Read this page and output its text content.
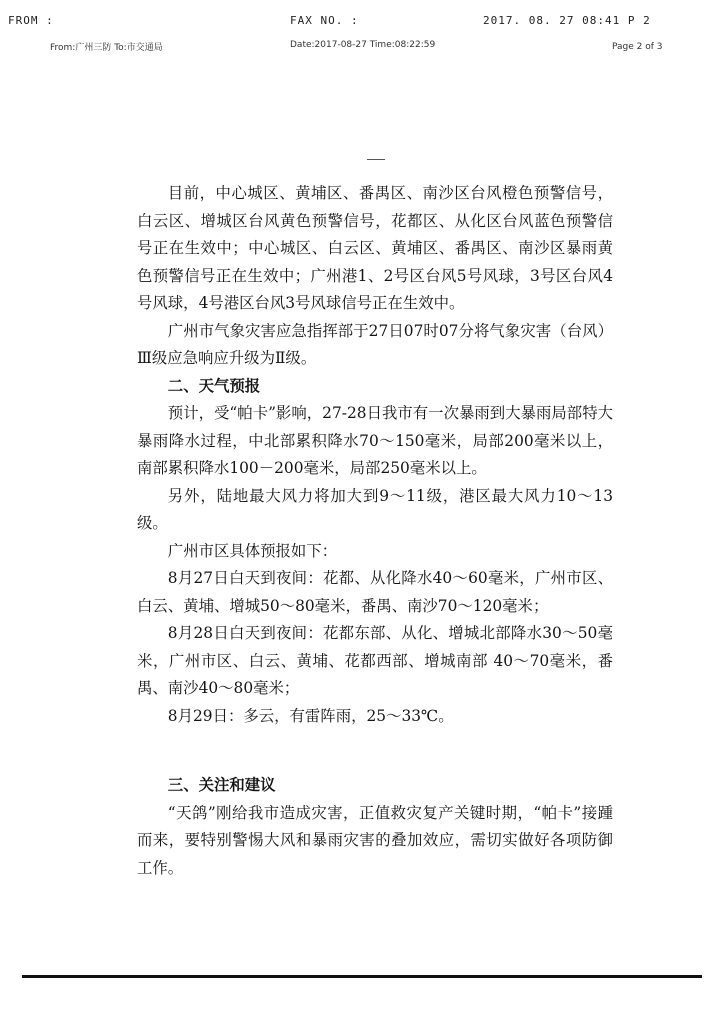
FROM :	FAX NO. :	2017. 08. 27 08:41 P 2
From:广州三防 To:市交通局	Date:2017-08-27 Time:08:22:59	Page 2 of 3

目前，中心城区、黄埔区、番禺区、南沙区台风橙色预警信号，白云区、增城区台风黄色预警信号，花都区、从化区台风蓝色预警信号正在生效中；中心城区、白云区、黄埔区、番禺区、南沙区暴雨黄色预警信号正在生效中；广州港1、2号区台风5号风球，3号区台风4号风球，4号港区台风3号风球信号正在生效中。

广州市气象灾害应急指挥部于27日07时07分将气象灾害（台风）Ⅲ级应急响应升级为Ⅱ级。

二、天气预报

预计，受“帕卡”影响，27-28日我市有一次暴雨到大暴雨局部特大暴雨降水过程，中北部累积降水70～150毫米，局部200毫米以上，南部累积降水100－200毫米，局部250毫米以上。

另外，陆地最大风力将加大到9～11级，港区最大风力10～13级。

广州市区具体预报如下：

8月27日白天到夜间：花都、从化降水40～60毫米，广州市区、白云、黄埔、增城50～80毫米，番禺、南沙70～120毫米；

8月28日白天到夜间：花都东部、从化、增城北部降水30～50毫米，广州市区、白云、黄埔、花都西部、增城南部 40～70毫米，番禺、南沙40～80毫米；

8月29日：多云，有雷阵雨，25～33℃。

三、关注和建议

“天鸽”刚给我市造成灾害，正值救灾复产关键时期，“帕卡”接踵而来，要特别警惕大风和暴雨灾害的叠加效应，需切实做好各项防御工作。
